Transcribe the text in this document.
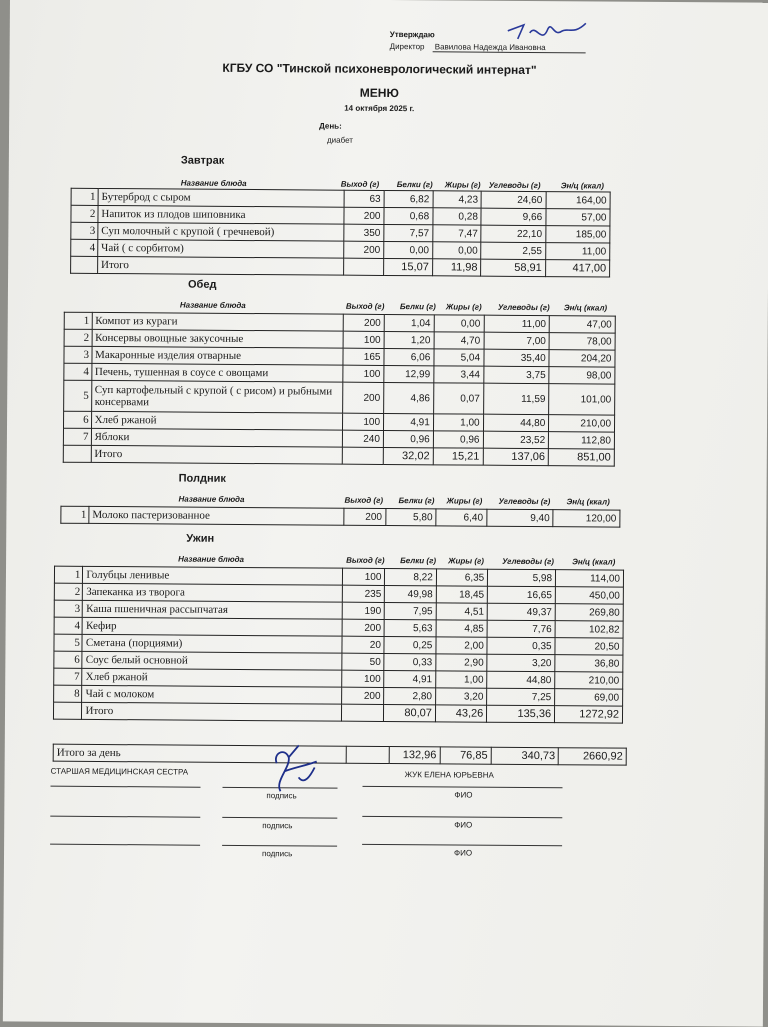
Утверждаю
Директор Вавилова Надежда Ивановна
КГБУ СО "Тинской психоневрологический интернат"
МЕНЮ
14 октября 2025 г.
День:
диабет
Завтрак
Название блюда	Выход (г) Белки (г) Жиры (г) Углеводы (г)	Эн/ц (ккал)
1	Бутерброд с сыром	63	6,82	4,23	24,60	164,00
2	Напиток из плодов шиповника	200	0,68	0,28	9,66	57,00
3	Суп молочный с крупой ( гречневой)	350	7,57	7,47	22,10	185,00
4	Чай ( с сорбитом)	200	0,00	0,00	2,55	11,00
	Итого		15,07	11,98	58,91	417,00
Обед
Название блюда	Выход (г) Белки (г) Жиры (г) Углеводы (г) Эн/ц (ккал)
1	Компот из кураги	200	1,04	0,00	11,00	47,00
2	Консервы овощные закусочные	100	1,20	4,70	7,00	78,00
3	Макаронные изделия отварные	165	6,06	5,04	35,40	204,20
4	Печень, тушенная в соусе с овощами	100	12,99	3,44	3,75	98,00
5	Суп картофельный с крупой ( с рисом) и рыбными консервами	200	4,86	0,07	11,59	101,00
6	Хлеб ржаной	100	4,91	1,00	44,80	210,00
7	Яблоки	240	0,96	0,96	23,52	112,80
	Итого		32,02	15,21	137,06	851,00
Полдник
Название блюда	Выход (г) Белки (г) Жиры (г) Углеводы (г) Эн/ц (ккал)
1	Молоко пастеризованное	200	5,80	6,40	9,40	120,00
Ужин
Название блюда	Выход (г) Белки (г) Жиры (г) Углеводы (г) Эн/ц (ккал)
1	Голубцы ленивые	100	8,22	6,35	5,98	114,00
2	Запеканка из творога	235	49,98	18,45	16,65	450,00
3	Каша пшеничная рассыпчатая	190	7,95	4,51	49,37	269,80
4	Кефир	200	5,63	4,85	7,76	102,82
5	Сметана (порциями)	20	0,25	2,00	0,35	20,50
6	Соус белый основной	50	0,33	2,90	3,20	36,80
7	Хлеб ржаной	100	4,91	1,00	44,80	210,00
8	Чай с молоком	200	2,80	3,20	7,25	69,00
	Итого		80,07	43,26	135,36	1272,92
Итого за день		132,96	76,85	340,73	2660,92
СТАРШАЯ МЕДИЦИНСКАЯ СЕСТРА
подпись
ЖУК ЕЛЕНА ЮРЬЕВНА
ФИО
подпись	ФИО
подпись	ФИО
